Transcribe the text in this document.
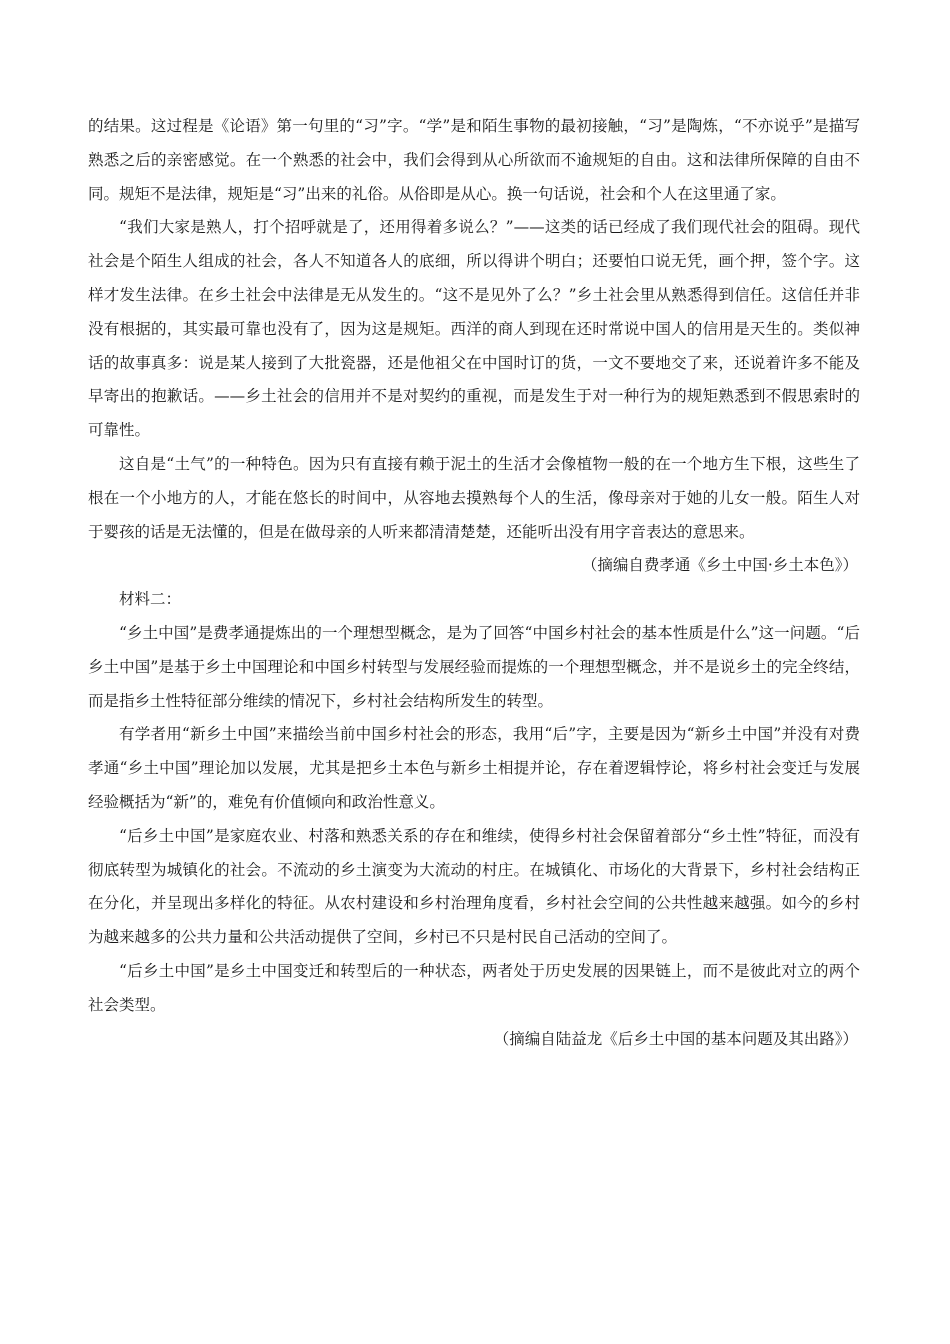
的结果。这过程是《论语》第一句里的“习”字。“学”是和陌生事物的最初接触，“习”是陶炼，“不亦说乎”是描写熟悉之后的亲密感觉。在一个熟悉的社会中，我们会得到从心所欲而不逾规矩的自由。这和法律所保障的自由不同。规矩不是法律，规矩是“习”出来的礼俗。从俗即是从心。换一句话说，社会和个人在这里通了家。

“我们大家是熟人，打个招呼就是了，还用得着多说么？”——这类的话已经成了我们现代社会的阻碍。现代社会是个陌生人组成的社会，各人不知道各人的底细，所以得讲个明白；还要怕口说无凭，画个押，签个字。这样才发生法律。在乡土社会中法律是无从发生的。“这不是见外了么？”乡土社会里从熟悉得到信任。这信任并非没有根据的，其实最可靠也没有了，因为这是规矩。西洋的商人到现在还时常说中国人的信用是天生的。类似神话的故事真多：说是某人接到了大批瓷器，还是他祖父在中国时订的货，一文不要地交了来，还说着许多不能及早寄出的抱歉话。——乡土社会的信用并不是对契约的重视，而是发生于对一种行为的规矩熟悉到不假思索时的可靠性。

这自是“土气”的一种特色。因为只有直接有赖于泥土的生活才会像植物一般的在一个地方生下根，这些生了根在一个小地方的人，才能在悠长的时间中，从容地去摸熟每个人的生活，像母亲对于她的儿女一般。陌生人对于婴孩的话是无法懂的，但是在做母亲的人听来都清清楚楚，还能听出没有用字音表达的意思来。

（摘编自费孝通《乡土中国·乡土本色》）

材料二：

“乡土中国”是费孝通提炼出的一个理想型概念，是为了回答“中国乡村社会的基本性质是什么”这一问题。“后乡土中国”是基于乡土中国理论和中国乡村转型与发展经验而提炼的一个理想型概念，并不是说乡土的完全终结，而是指乡土性特征部分维续的情况下，乡村社会结构所发生的转型。

有学者用“新乡土中国”来描绘当前中国乡村社会的形态，我用“后”字，主要是因为“新乡土中国”并没有对费孝通“乡土中国”理论加以发展，尤其是把乡土本色与新乡土相提并论，存在着逻辑悖论，将乡村社会变迁与发展经验概括为“新”的，难免有价值倾向和政治性意义。

“后乡土中国”是家庭农业、村落和熟悉关系的存在和维续，使得乡村社会保留着部分“乡土性”特征，而没有彻底转型为城镇化的社会。不流动的乡土演变为大流动的村庄。在城镇化、市场化的大背景下，乡村社会结构正在分化，并呈现出多样化的特征。从农村建设和乡村治理角度看，乡村社会空间的公共性越来越强。如今的乡村为越来越多的公共力量和公共活动提供了空间，乡村已不只是村民自己活动的空间了。

“后乡土中国”是乡土中国变迁和转型后的一种状态，两者处于历史发展的因果链上，而不是彼此对立的两个社会类型。

（摘编自陆益龙《后乡土中国的基本问题及其出路》）
